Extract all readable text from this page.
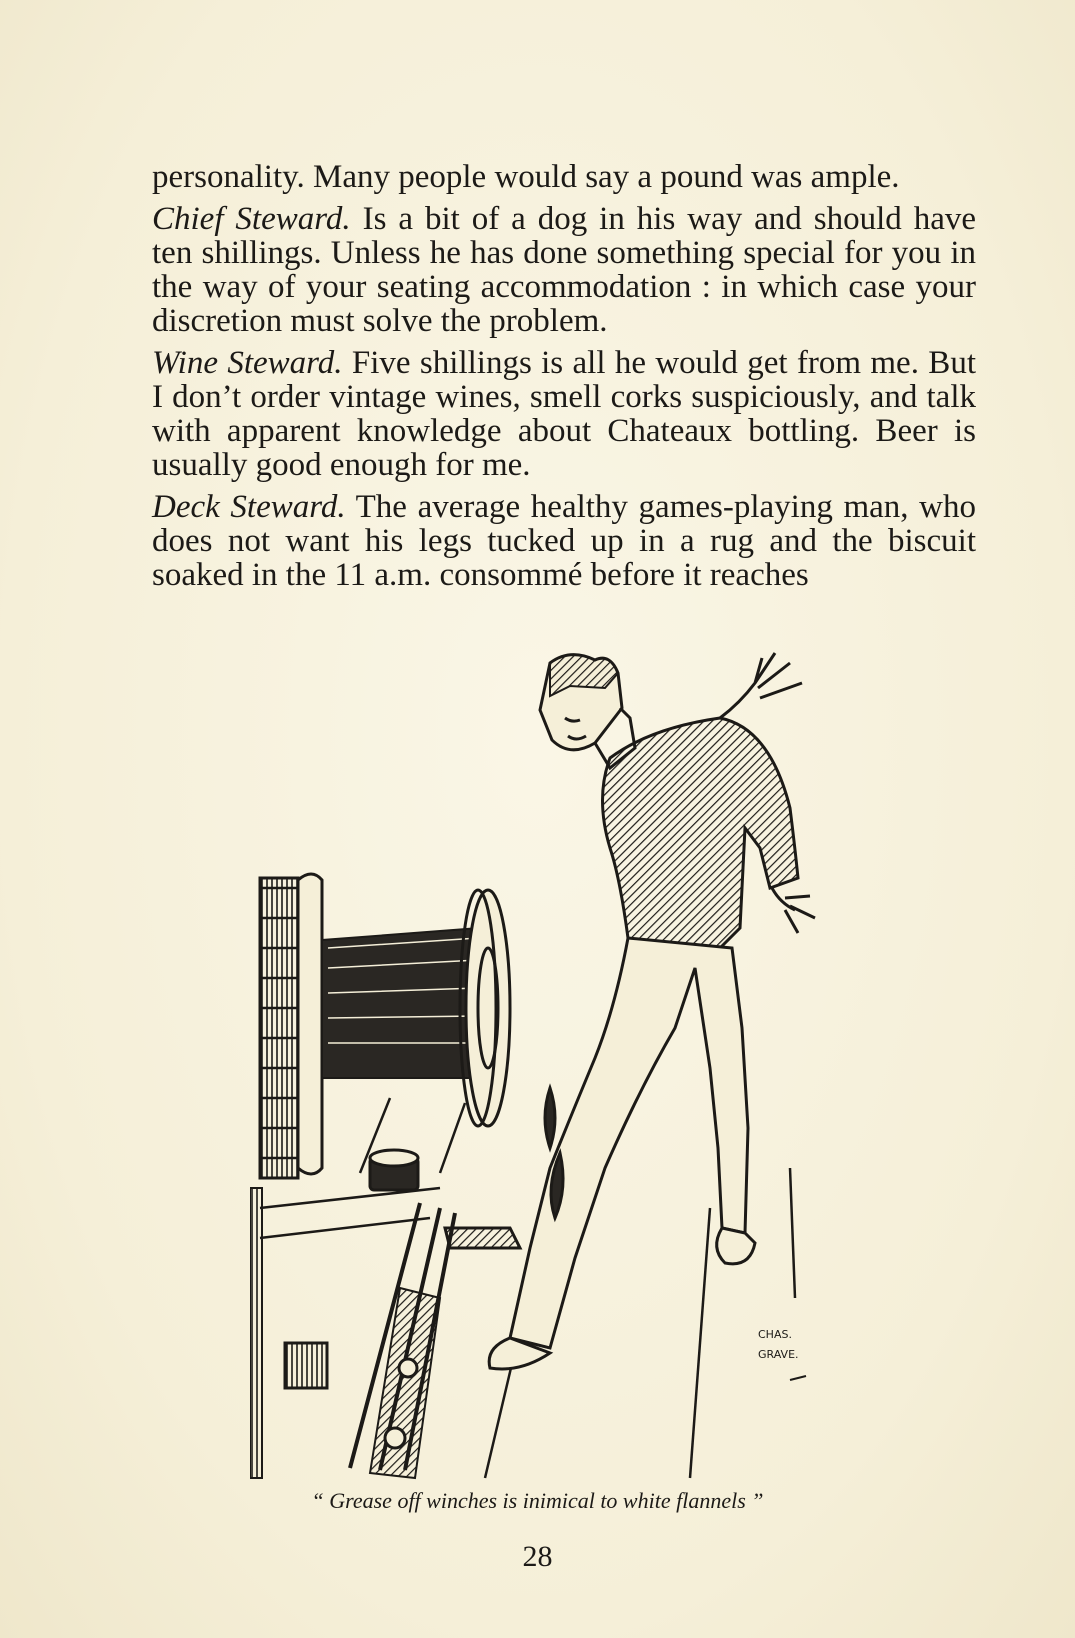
personality. Many people would say a pound was ample.

Chief Steward. Is a bit of a dog in his way and should have ten shillings. Unless he has done something special for you in the way of your seating accommodation : in which case your discretion must solve the problem.

Wine Steward. Five shillings is all he would get from me. But I don’t order vintage wines, smell corks suspiciously, and talk with apparent knowledge about Chateaux bottling. Beer is usually good enough for me.

Deck Steward. The average healthy games-playing man, who does not want his legs tucked up in a rug and the biscuit soaked in the 11 a.m. consommé before it reaches

CHAS.
GRAVE.
“ Grease off winches is inimical to white flannels ”
28
